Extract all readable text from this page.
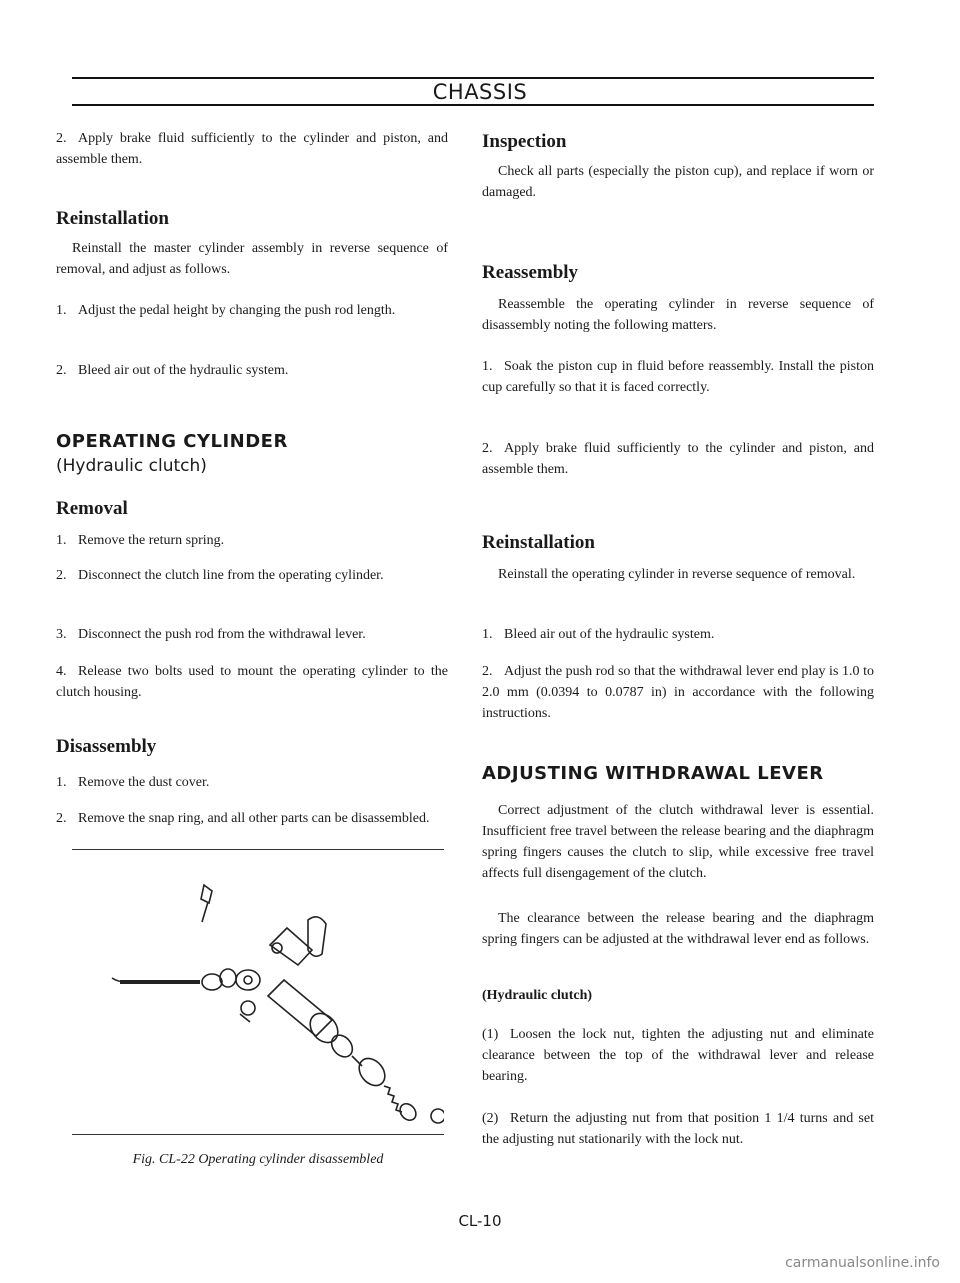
CHASSIS

2. Apply brake fluid sufficiently to the cylinder and piston, and assemble them.

Reinstallation

Reinstall the master cylinder assembly in reverse sequence of removal, and adjust as follows.

1. Adjust the pedal height by changing the push rod length.

2. Bleed air out of the hydraulic system.

OPERATING CYLINDER
(Hydraulic clutch)
Removal

1. Remove the return spring.

2. Disconnect the clutch line from the operating cylinder.

3. Disconnect the push rod from the withdrawal lever.

4. Release two bolts used to mount the operating cylinder to the clutch housing.

Disassembly

1. Remove the dust cover.

2. Remove the snap ring, and all other parts can be disassembled.

Fig. CL-22 Operating cylinder disassembled
Inspection

Check all parts (especially the piston cup), and replace if worn or damaged.

Reassembly

Reassemble the operating cylinder in reverse sequence of disassembly noting the following matters.

1. Soak the piston cup in fluid before reassembly. Install the piston cup carefully so that it is faced correctly.

2. Apply brake fluid sufficiently to the cylinder and piston, and assemble them.

Reinstallation

Reinstall the operating cylinder in reverse sequence of removal.

1. Bleed air out of the hydraulic system.

2. Adjust the push rod so that the withdrawal lever end play is 1.0 to 2.0 mm (0.0394 to 0.0787 in) in accordance with the following instructions.

ADJUSTING WITHDRAWAL LEVER

Correct adjustment of the clutch withdrawal lever is essential. Insufficient free travel between the release bearing and the diaphragm spring fingers causes the clutch to slip, while excessive free travel affects full disengagement of the clutch.

The clearance between the release bearing and the diaphragm spring fingers can be adjusted at the withdrawal lever end as follows.

(Hydraulic clutch)

(1) Loosen the lock nut, tighten the adjusting nut and eliminate clearance between the top of the withdrawal lever and release bearing.

(2) Return the adjusting nut from that position 1 1/4 turns and set the adjusting nut stationarily with the lock nut.

CL-10
carmanualsonline.info
